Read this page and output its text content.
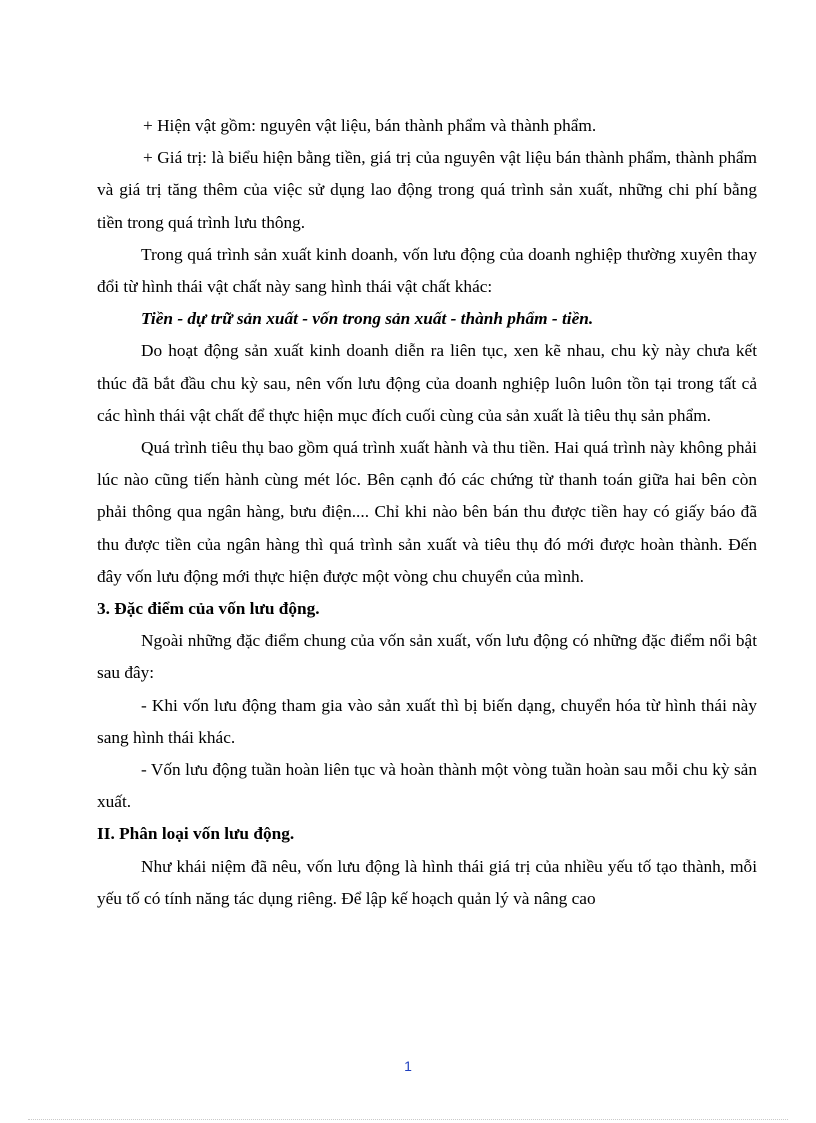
+ Hiện vật gồm: nguyên vật liệu, bán thành phẩm và thành phẩm.

+ Giá trị: là biểu hiện bằng tiền, giá trị của nguyên vật liệu bán thành phẩm, thành phẩm và giá trị tăng thêm của việc sử dụng lao động trong quá trình sản xuất, những chi phí bằng tiền trong quá trình lưu thông.

Trong quá trình sản xuất kinh doanh, vốn lưu động của doanh nghiệp thường xuyên thay đổi từ hình thái vật chất này sang hình thái vật chất khác:

Tiền - dự trữ sản xuất - vốn trong sản xuất - thành phẩm - tiền.

Do hoạt động sản xuất kinh doanh diễn ra liên tục, xen kẽ nhau, chu kỳ này chưa kết thúc đã bắt đầu chu kỳ sau, nên vốn lưu động của doanh nghiệp luôn luôn tồn tại trong tất cả các hình thái vật chất để thực hiện mục đích cuối cùng của sản xuất là tiêu thụ sản phẩm.

Quá trình tiêu thụ bao gồm quá trình xuất hành và thu tiền. Hai quá trình này không phải lúc nào cũng tiến hành cùng mét lóc. Bên cạnh đó các chứng từ thanh toán giữa hai bên còn phải thông qua ngân hàng, bưu điện.... Chỉ khi nào bên bán thu được tiền hay có giấy báo đã thu được tiền của ngân hàng thì quá trình sản xuất và tiêu thụ đó mới được hoàn thành. Đến đây vốn lưu động mới thực hiện được một vòng chu chuyển của mình.

3. Đặc điểm của vốn lưu động.

Ngoài những đặc điểm chung của vốn sản xuất, vốn lưu động có những đặc điểm nổi bật sau đây:

- Khi vốn lưu động tham gia vào sản xuất thì bị biến dạng, chuyển hóa từ hình thái này sang hình thái khác.

- Vốn lưu động tuần hoàn liên tục và hoàn thành một vòng tuần hoàn sau mỗi chu kỳ sản xuất.

II. Phân loại vốn lưu động.

Như khái niệm đã nêu, vốn lưu động là hình thái giá trị của nhiều yếu tố tạo thành, mỗi yếu tố có tính năng tác dụng riêng. Để lập kế hoạch quản lý và nâng cao

1
